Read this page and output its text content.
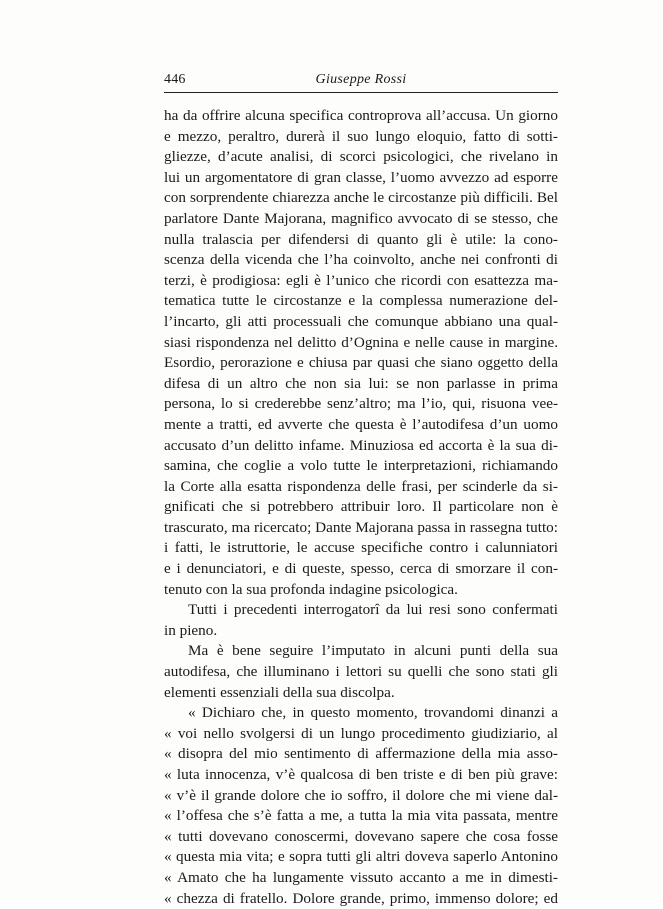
446	Giuseppe Rossi
ha da offrire alcuna specifica controprova all’accusa. Un giorno
e mezzo, peraltro, durerà il suo lungo eloquio, fatto di sotti-
gliezze, d’acute analisi, di scorci psicologici, che rivelano in
lui un argomentatore di gran classe, l’uomo avvezzo ad esporre
con sorprendente chiarezza anche le circostanze più difficili. Bel
parlatore Dante Majorana, magnifico avvocato di se stesso, che
nulla tralascia per difendersi di quanto gli è utile: la cono-
scenza della vicenda che l’ha coinvolto, anche nei confronti di
terzi, è prodigiosa: egli è l’unico che ricordi con esattezza ma-
tematica tutte le circostanze e la complessa numerazione del-
l’incarto, gli atti processuali che comunque abbiano una qual-
siasi rispondenza nel delitto d’Ognina e nelle cause in margine.
Esordio, perorazione e chiusa par quasi che siano oggetto della
difesa di un altro che non sia lui: se non parlasse in prima
persona, lo si crederebbe senz’altro; ma l’io, qui, risuona vee-
mente a tratti, ed avverte che questa è l’autodifesa d’un uomo
accusato d’un delitto infame. Minuziosa ed accorta è la sua di-
samina, che coglie a volo tutte le interpretazioni, richiamando
la Corte alla esatta rispondenza delle frasi, per scinderle da si-
gnificati che si potrebbero attribuir loro. Il particolare non è
trascurato, ma ricercato; Dante Majorana passa in rassegna tutto:
i fatti, le istruttorie, le accuse specifiche contro i calunniatori
e i denunciatori, e di queste, spesso, cerca di smorzare il con-
tenuto con la sua profonda indagine psicologica.
Tutti i precedenti interrogatorî da lui resi sono confermati
in pieno.
Ma è bene seguire l’imputato in alcuni punti della sua
autodifesa, che illuminano i lettori su quelli che sono stati gli
elementi essenziali della sua discolpa.
« Dichiaro che, in questo momento, trovandomi dinanzi a
« voi nello svolgersi di un lungo procedimento giudiziario, al
« disopra del mio sentimento di affermazione della mia asso-
« luta innocenza, v’è qualcosa di ben triste e di ben più grave:
« v’è il grande dolore che io soffro, il dolore che mi viene dal-
« l’offesa che s’è fatta a me, a tutta la mia vita passata, mentre
« tutti dovevano conoscermi, dovevano sapere che cosa fosse
« questa mia vita; e sopra tutti gli altri doveva saperlo Antonino
« Amato che ha lungamente vissuto accanto a me in dimesti-
« chezza di fratello. Dolore grande, primo, immenso dolore; ed
